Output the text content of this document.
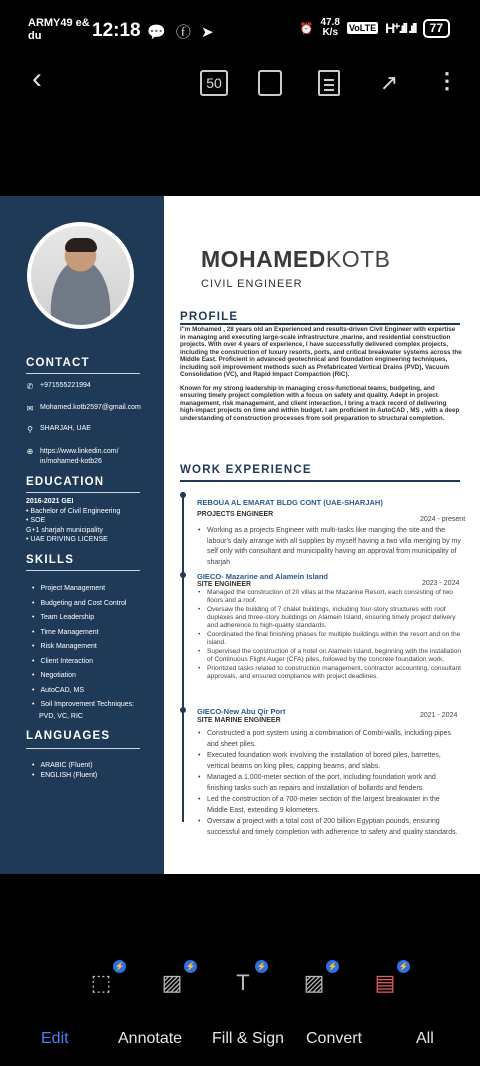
ARMY49 e& du	12:18 💬 ⓕ ➤	⏰ 47.8
K/s VoLTE H⁺.ıll .ıll	77
‹	50	↗ ⋮
CONTACT
✆ +971555221994
✉ Mohamed.kotb2597@gmail.com
⚲ SHARJAH, UAE
⊕ https://www.linkedin.com/
in/mohamed-kotb26
EDUCATION
2016-2021 GEI
• Bachelor of Civil Engineering
• SOE
G+1 sharjah municipality
• UAE DRIVING LICENSE
SKILLS
• Project Management
• Budgeting and Cost Control
• Team Leadership
• Time Management
• Risk Management
• Client Interaction
• Negotiation
• AutoCAD, MS
• Soil Improvement Techniques:
PVD, VC, RIC
LANGUAGES
• ARABIC (Fluent)
• ENGLISH (Fluent)
MOHAMEDKOTB
CIVIL ENGINEER
PROFILE

I"m Mohamed , 28 years old an Experienced and results-driven Civil Engineer with expertise in managing and executing large-scale infrastructure ,marine, and residential construction projects. With over 4 years of experience, I have successfully delivered complex projects, including the construction of luxury resorts, ports, and critical breakwater systems across the Middle East. Proficient in advanced geotechnical and foundation engineering techniques, including soil improvement methods such as Prefabricated Vertical Drains (PVD), Vacuum Consolidation (VC), and Rapid Impact Compaction (RIC).

Known for my strong leadership in managing cross-functional teams, budgeting, and ensuring timely project completion with a focus on safety and quality. Adept in project management, risk management, and client interaction, I bring a track record of delivering high-impact projects on time and within budget. I am proficient in AutoCAD , MS , with a deep understanding of construction processes from soil preparation to structural completion.

WORK EXPERIENCE
REBOUA AL EMARAT BLDG CONT (UAE-SHARJAH)
PROJECTS ENGINEER
2024 - present
• Working as a projects Engineer with multi-tasks like manging the site and the labour's daily arrange with all supplies by myself having a two villa menging by my self only with consultant and municipality having an approval from municipality of sharjah
GIECO- Mazarine and Alamein Island
SITE ENGINEER	2023 - 2024
• Managed the construction of 20 villas at the Mazarine Resort, each consisting of two floors and a roof.
• Oversaw the building of 7 chalet buildings, including four-story structures with roof duplexes and three-story buildings on Alamein Island, ensuring timely project delivery and adherence to high-quality standards.
• Coordinated the final finishing phases for multiple buildings within the resort and on the island.
• Supervised the construction of a hotel on Alamein Island, beginning with the installation of Continuous Flight Auger (CFA) piles, followed by the concrete foundation work.
• Prioritized tasks related to construction management, contractor accounting, consultant approvals, and ensured compliance with project deadlines.
GIECO-New Abu Qir Port
SITE MARINE ENGINEER
2021 - 2024
• Constructed a port system using a combination of Combi-walls, including pipes and sheet piles.
• Executed foundation work involving the installation of bored piles, barrettes, vertical beams on king piles, capping beams, and slabs.
• Managed a 1,000-meter section of the port, including foundation work and finishing tasks such as repairs and installation of bollards and fenders.
• Led the construction of a 700-meter section of the largest breakwater in the Middle East, extending 9 kilometers.
• Oversaw a project with a total cost of 200 billion Egyptian pounds, ensuring successful and timely completion with adherence to safety and quality standards.
⬚
⚡
▨
⚡
T
⚡
▨
⚡
▤
⚡
Edit	Annotate Fill & Sign Convert	All
